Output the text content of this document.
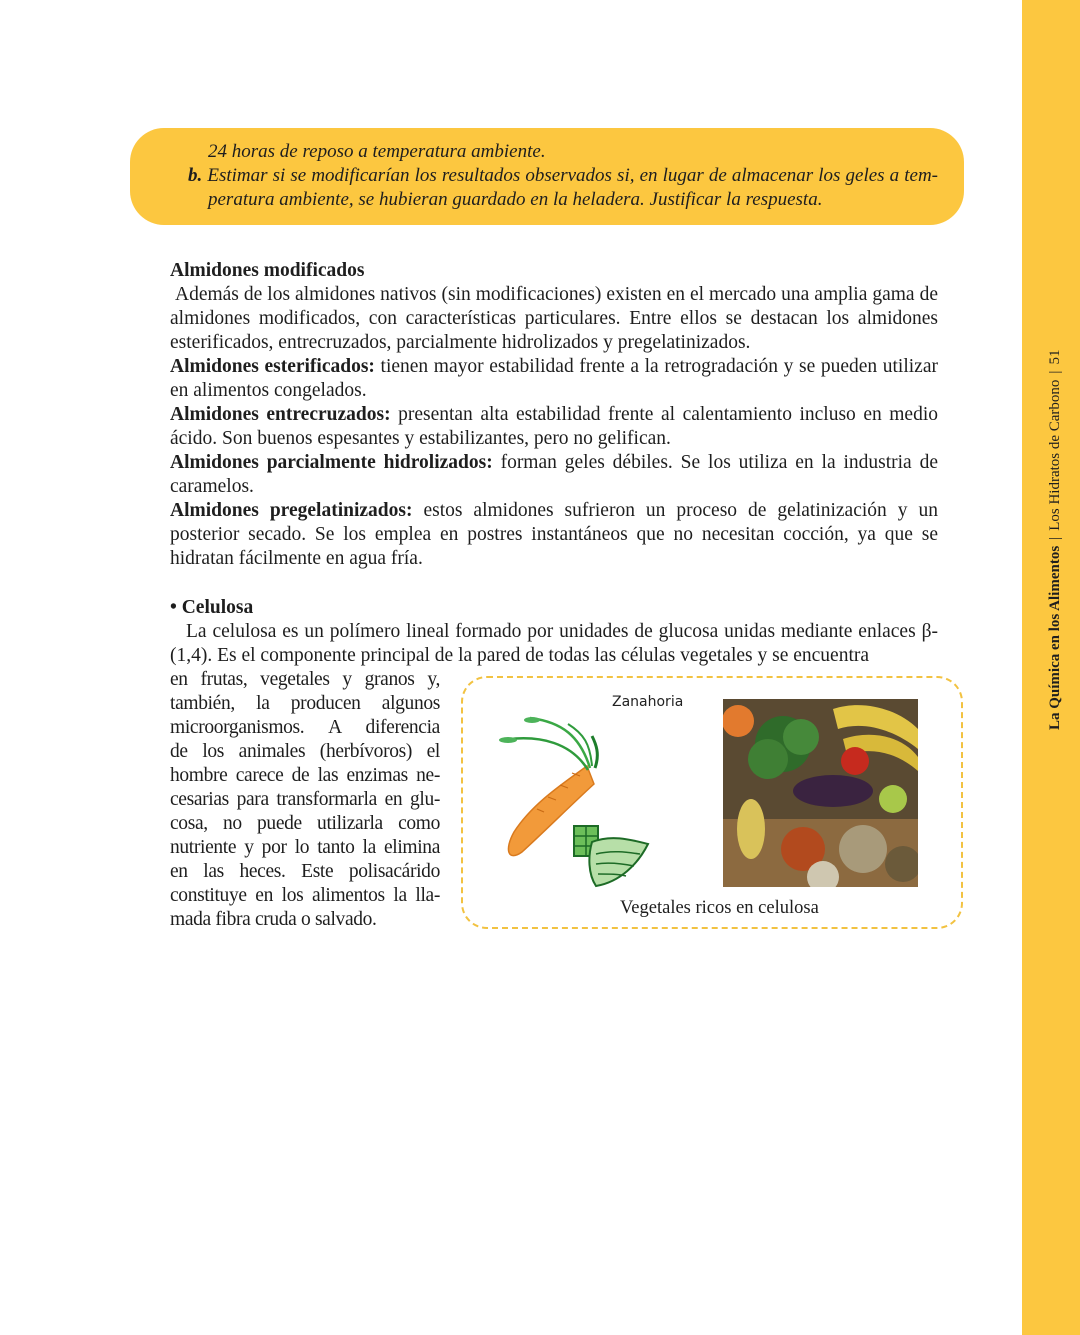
La Química en los Alimentos|Los Hidratos de Carbono|51
24 horas de reposo a temperatura ambiente.
b. Estimar si se modificarían los resultados observados si, en lugar de almacenar los geles a tem-
peratura ambiente, se hubieran guardado en la heladera. Justificar la respuesta.

Almidones modificados

Además de los almidones nativos (sin modificaciones) existen en el mercado una amplia gama de almidones modificados, con características particulares. Entre ellos se destacan los almidones esterificados, entrecruzados, parcialmente hidrolizados y pregelatinizados.

Almidones esterificados: tienen mayor estabilidad frente a la retrogradación y se pueden utilizar en alimentos congelados.

Almidones entrecruzados: presentan alta estabilidad frente al calentamiento incluso en medio ácido. Son buenos espesantes y estabilizantes, pero no gelifican.

Almidones parcialmente hidrolizados: forman geles débiles. Se los utiliza en la industria de caramelos.

Almidones pregelatinizados: estos almidones sufrieron un proceso de gelatinización y un posterior secado. Se los emplea en postres instantáneos que no necesitan cocción, ya que se hidratan fácilmente en agua fría.

• Celulosa

La celulosa es un polímero lineal formado por unidades de glucosa unidas mediante enlaces β-(1,4). Es el componente principal de la pared de todas las células vegetales y se encuentra

en frutas, vegetales y granos y,
también, la producen algunos
microorganismos. A diferencia
de los animales (herbívoros) el
hombre carece de las enzimas ne-
cesarias para transformarla en glu-
cosa, no puede utilizarla como
nutriente y por lo tanto la elimina
en las heces. Este polisacárido
constituye en los alimentos la lla-
mada fibra cruda o salvado.
Zanahoria
Vegetales ricos en celulosa
